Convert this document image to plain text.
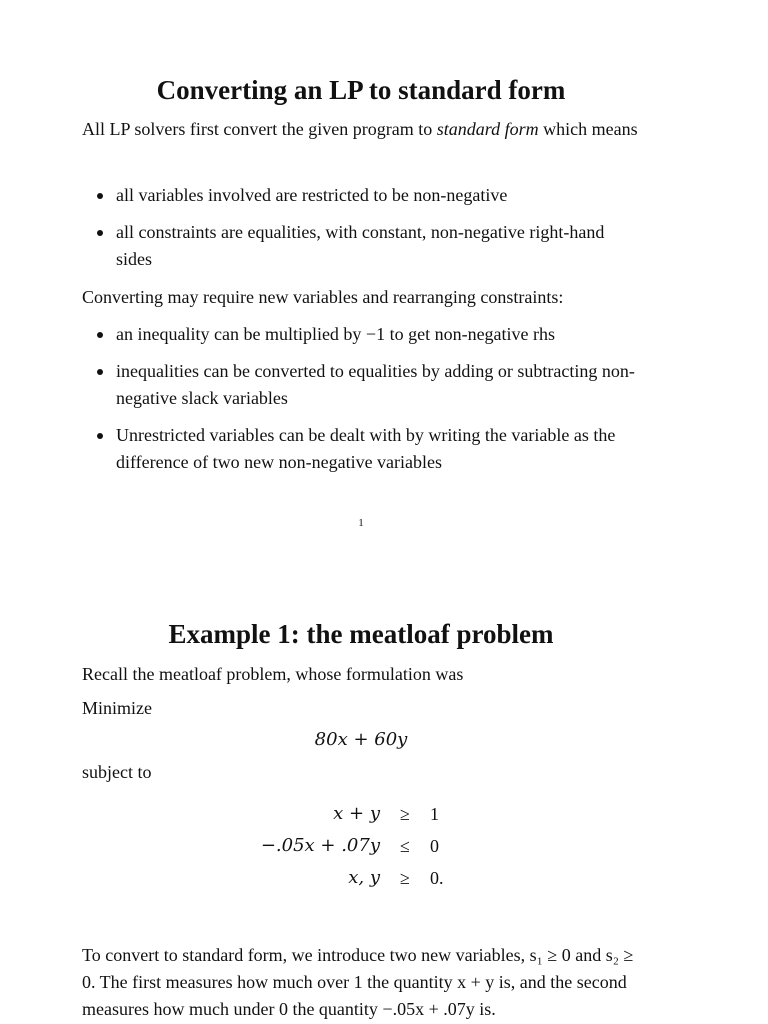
Converting an LP to standard form

All LP solvers first convert the given program to standard form which means

all variables involved are restricted to be non-negative
all constraints are equalities, with constant, non-negative right-hand sides

Converting may require new variables and rearranging constraints:

an inequality can be multiplied by −1 to get non-negative rhs
inequalities can be converted to equalities by adding or subtracting non-negative slack variables
Unrestricted variables can be dealt with by writing the variable as the difference of two new non-negative variables
1
Example 1: the meatloaf problem

Recall the meatloaf problem, whose formulation was

Minimize

80x + 60y

subject to

x + y	≥	1
−.05x + .07y	≤	0
x, y	≥	0.

To convert to standard form, we introduce two new variables, s₁ ≥ 0 and s₂ ≥ 0. The first measures how much over 1 the quantity x + y is, and the second measures how much under 0 the quantity −.05x + .07y is.
